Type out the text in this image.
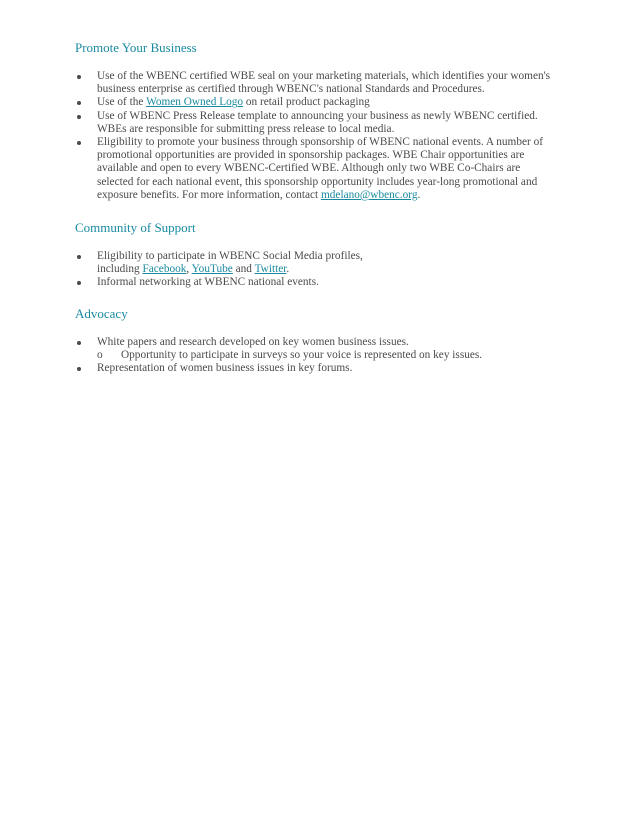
Promote Your Business

Use of the WBENC certified WBE seal on your marketing materials, which identifies your women's
business enterprise as certified through WBENC's national Standards and Procedures.
Use of the Women Owned Logo on retail product packaging
Use of WBENC Press Release template to announcing your business as newly WBENC certified.
WBEs are responsible for submitting press release to local media.
Eligibility to promote your business through sponsorship of WBENC national events. A number of
promotional opportunities are provided in sponsorship packages. WBE Chair opportunities are
available and open to every WBENC-Certified WBE. Although only two WBE Co-Chairs are
selected for each national event, this sponsorship opportunity includes year-long promotional and
exposure benefits. For more information, contact mdelano@wbenc.org.

Community of Support

Eligibility to participate in WBENC Social Media profiles,
including Facebook, YouTube and Twitter.
Informal networking at WBENC national events.

Advocacy

White papers and research developed on key women business issues.
o Opportunity to participate in surveys so your voice is represented on key issues.
Representation of women business issues in key forums.
